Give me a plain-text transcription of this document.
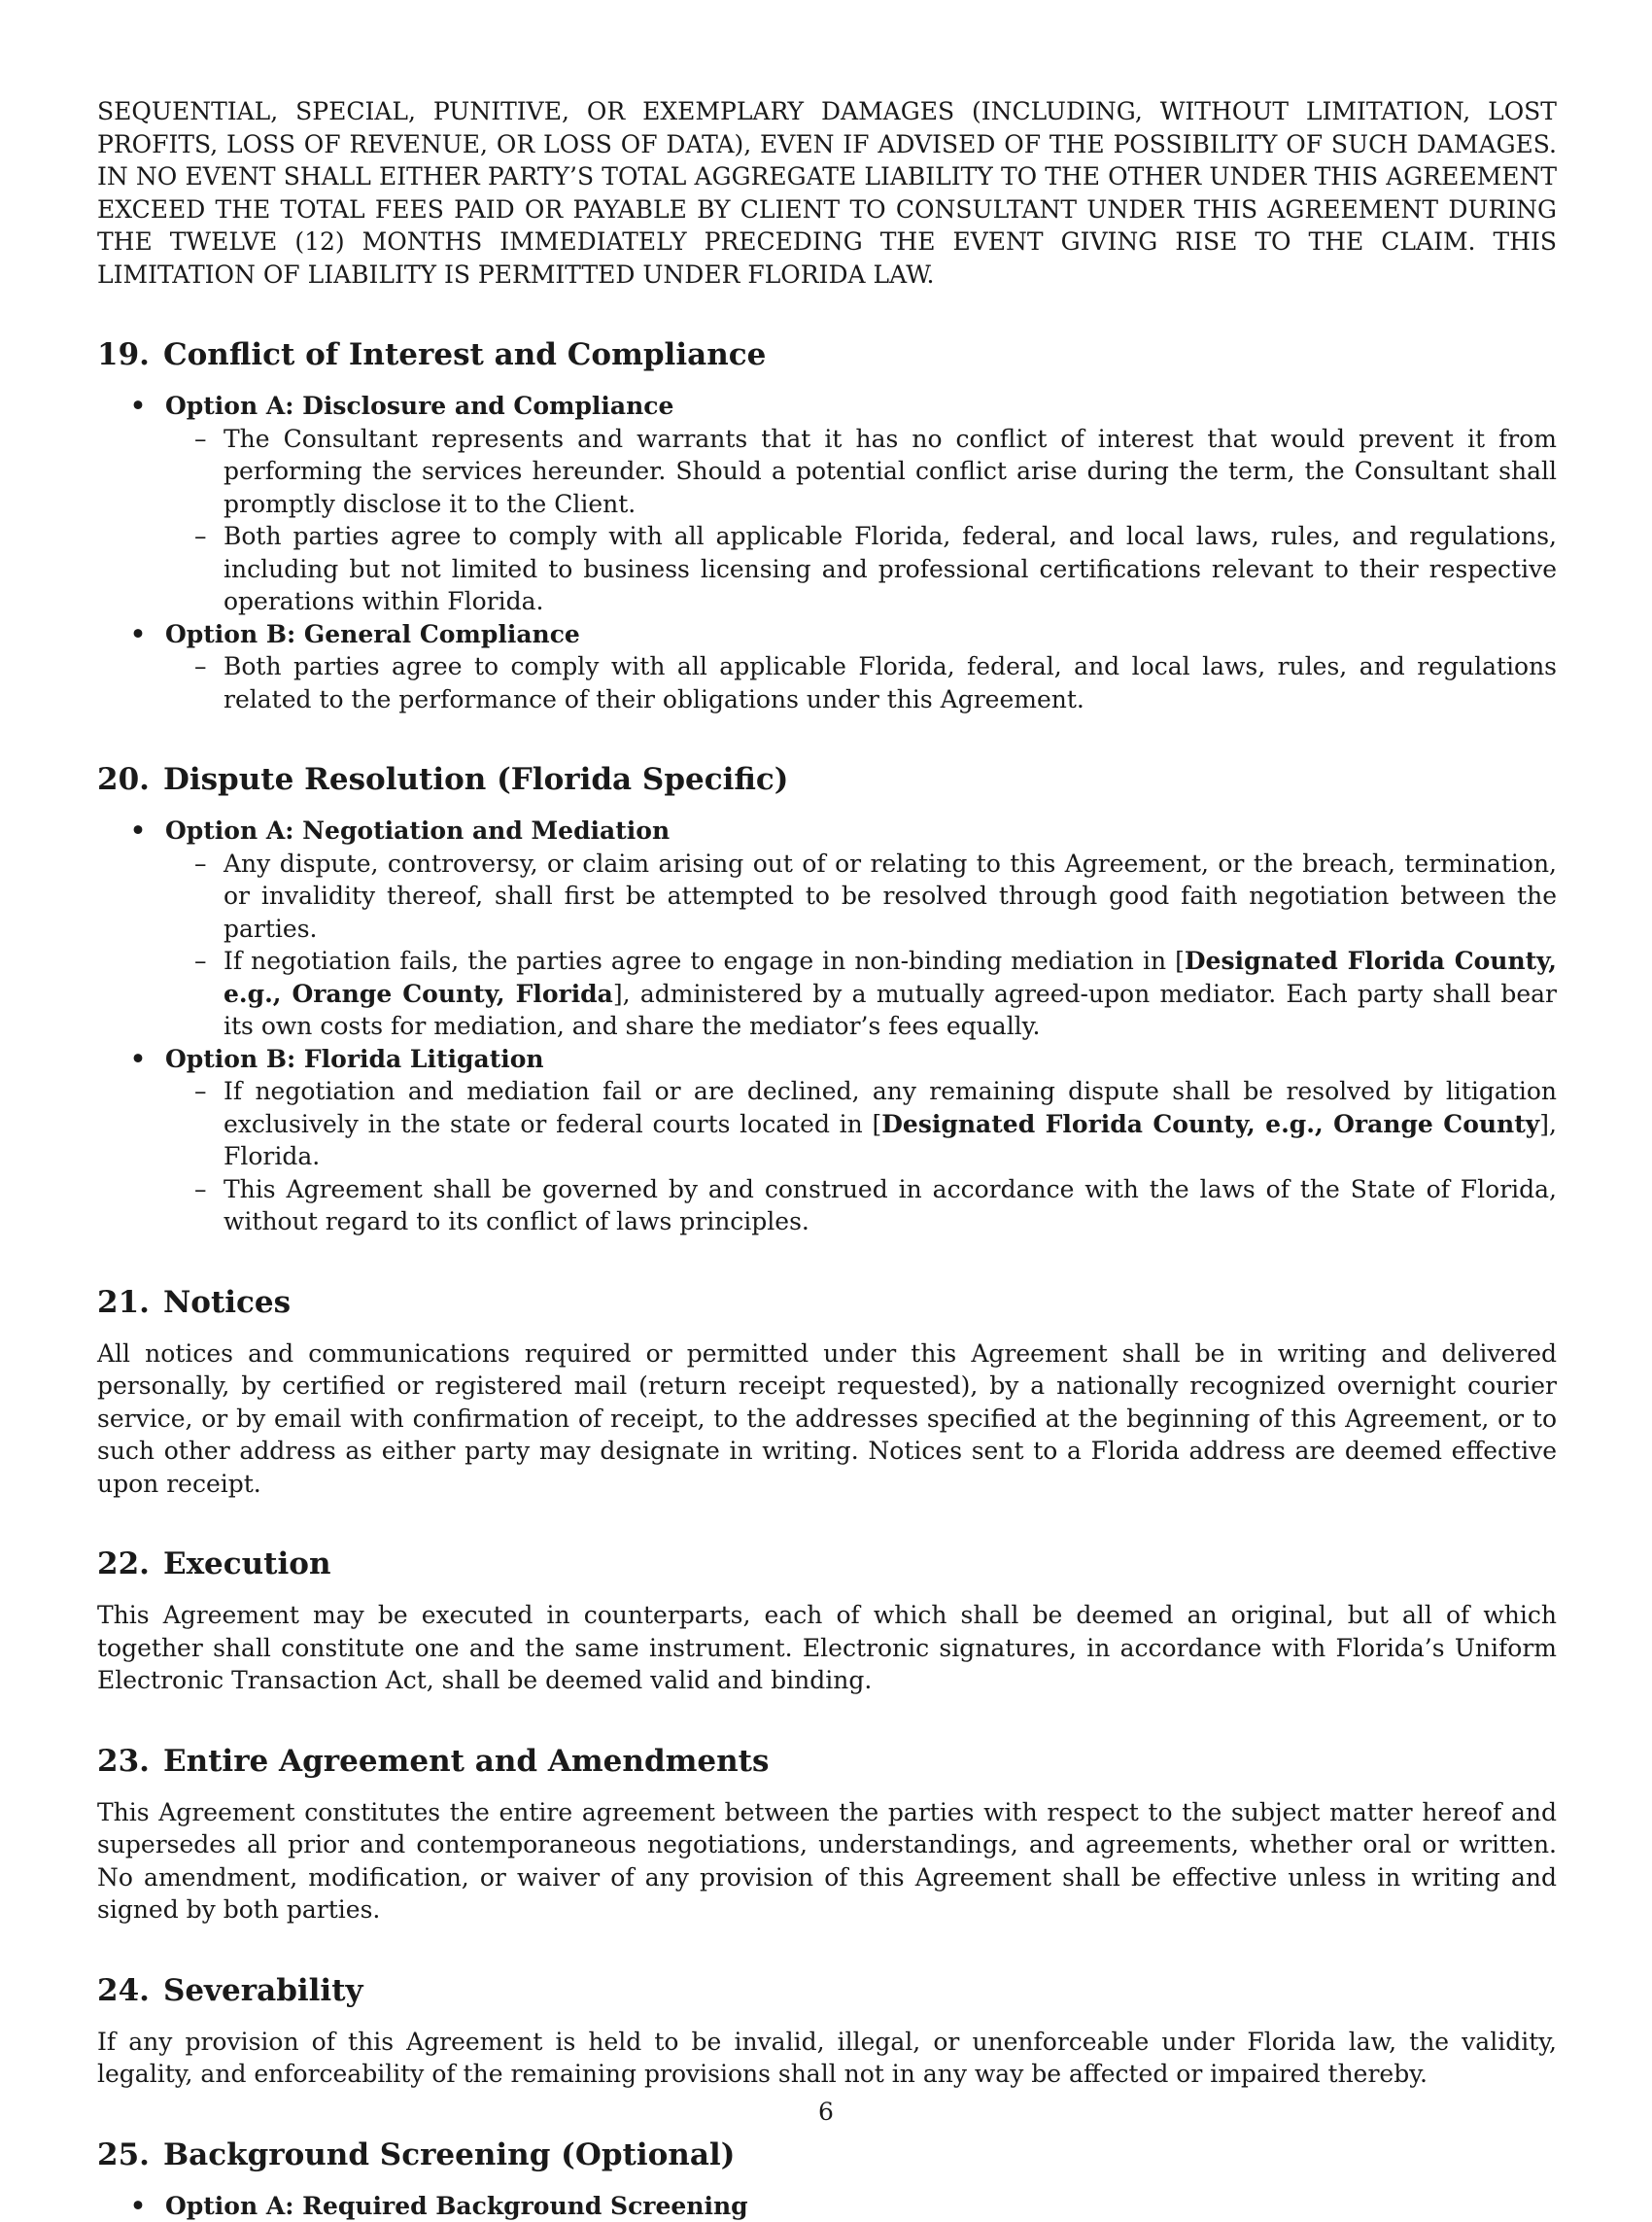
SEQUENTIAL, SPECIAL, PUNITIVE, OR EXEMPLARY DAMAGES (INCLUDING, WITHOUT LIMITATION, LOST PROFITS, LOSS OF REVENUE, OR LOSS OF DATA), EVEN IF ADVISED OF THE POSSIBILITY OF SUCH DAMAGES. IN NO EVENT SHALL EITHER PARTY’S TOTAL AGGREGATE LIABILITY TO THE OTHER UNDER THIS AGREEMENT EXCEED THE TOTAL FEES PAID OR PAYABLE BY CLIENT TO CONSULTANT UNDER THIS AGREEMENT DURING THE TWELVE (12) MONTHS IMMEDIATELY PRECEDING THE EVENT GIVING RISE TO THE CLAIM. THIS LIMITATION OF LIABILITY IS PERMITTED UNDER FLORIDA LAW.

19. Conflict of Interest and Compliance
• Option A: Disclosure and Compliance
– The Consultant represents and warrants that it has no conflict of interest that would prevent it from performing the services hereunder. Should a potential conflict arise during the term, the Consultant shall promptly disclose it to the Client.
– Both parties agree to comply with all applicable Florida, federal, and local laws, rules, and regulations, including but not limited to business licensing and professional certifications relevant to their respective operations within Florida.
• Option B: General Compliance
– Both parties agree to comply with all applicable Florida, federal, and local laws, rules, and regulations related to the performance of their obligations under this Agreement.
20. Dispute Resolution (Florida Specific)
• Option A: Negotiation and Mediation
– Any dispute, controversy, or claim arising out of or relating to this Agreement, or the breach, termination, or invalidity thereof, shall first be attempted to be resolved through good faith negotiation between the parties.
– If negotiation fails, the parties agree to engage in non-binding mediation in [Designated Florida County, e.g., Orange County, Florida], administered by a mutually agreed-upon mediator. Each party shall bear its own costs for mediation, and share the mediator’s fees equally.
• Option B: Florida Litigation
– If negotiation and mediation fail or are declined, any remaining dispute shall be resolved by litigation exclusively in the state or federal courts located in [Designated Florida County, e.g., Orange County], Florida.
– This Agreement shall be governed by and construed in accordance with the laws of the State of Florida, without regard to its conflict of laws principles.
21. Notices

All notices and communications required or permitted under this Agreement shall be in writing and delivered personally, by certified or registered mail (return receipt requested), by a nationally recognized overnight courier service, or by email with confirmation of receipt, to the addresses specified at the beginning of this Agreement, or to such other address as either party may designate in writing. Notices sent to a Florida address are deemed effective upon receipt.

22. Execution

This Agreement may be executed in counterparts, each of which shall be deemed an original, but all of which together shall constitute one and the same instrument. Electronic signatures, in accordance with Florida’s Uniform Electronic Transaction Act, shall be deemed valid and binding.

23. Entire Agreement and Amendments

This Agreement constitutes the entire agreement between the parties with respect to the subject matter hereof and supersedes all prior and contemporaneous negotiations, understandings, and agreements, whether oral or written. No amendment, modification, or waiver of any provision of this Agreement shall be effective unless in writing and signed by both parties.

24. Severability

If any provision of this Agreement is held to be invalid, illegal, or unenforceable under Florida law, the validity, legality, and enforceability of the remaining provisions shall not in any way be affected or impaired thereby.

25. Background Screening (Optional)
• Option A: Required Background Screening
6
